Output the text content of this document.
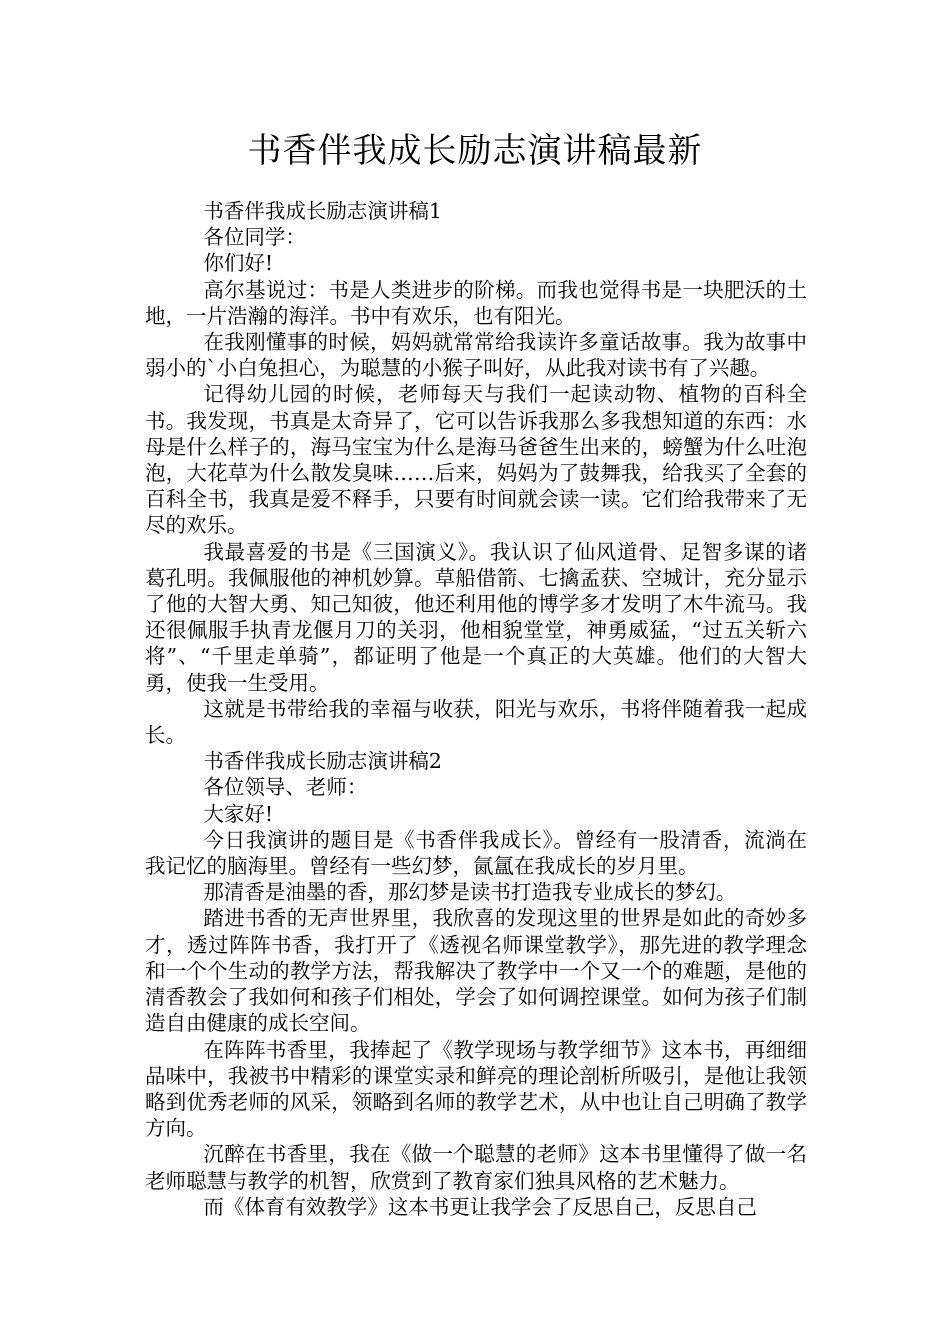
书香伴我成长励志演讲稿最新

书香伴我成长励志演讲稿1

各位同学：

你们好!

高尔基说过：书是人类进步的阶梯。而我也觉得书是一块肥沃的土地，一片浩瀚的海洋。书中有欢乐，也有阳光。

在我刚懂事的时候，妈妈就常常给我读许多童话故事。我为故事中弱小的`小白兔担心，为聪慧的小猴子叫好，从此我对读书有了兴趣。

记得幼儿园的时候，老师每天与我们一起读动物、植物的百科全书。我发现，书真是太奇异了，它可以告诉我那么多我想知道的东西：水母是什么样子的，海马宝宝为什么是海马爸爸生出来的，螃蟹为什么吐泡泡，大花草为什么散发臭味……后来，妈妈为了鼓舞我，给我买了全套的百科全书，我真是爱不释手，只要有时间就会读一读。它们给我带来了无尽的欢乐。

我最喜爱的书是《三国演义》。我认识了仙风道骨、足智多谋的诸葛孔明。我佩服他的神机妙算。草船借箭、七擒孟获、空城计，充分显示了他的大智大勇、知己知彼，他还利用他的博学多才发明了木牛流马。我还很佩服手执青龙偃月刀的关羽，他相貌堂堂，神勇威猛，“过五关斩六将”、“千里走单骑”，都证明了他是一个真正的大英雄。他们的大智大勇，使我一生受用。

这就是书带给我的幸福与收获，阳光与欢乐，书将伴随着我一起成长。

书香伴我成长励志演讲稿2

各位领导、老师：

大家好!

今日我演讲的题目是《书香伴我成长》。曾经有一股清香，流淌在我记忆的脑海里。曾经有一些幻梦，氤氲在我成长的岁月里。

那清香是油墨的香，那幻梦是读书打造我专业成长的梦幻。

踏进书香的无声世界里，我欣喜的发现这里的世界是如此的奇妙多才，透过阵阵书香，我打开了《透视名师课堂教学》，那先进的教学理念和一个个生动的教学方法，帮我解决了教学中一个又一个的难题，是他的清香教会了我如何和孩子们相处，学会了如何调控课堂。如何为孩子们制造自由健康的成长空间。

在阵阵书香里，我捧起了《教学现场与教学细节》这本书，再细细品味中，我被书中精彩的课堂实录和鲜亮的理论剖析所吸引，是他让我领略到优秀老师的风采，领略到名师的教学艺术，从中也让自己明确了教学方向。

沉醉在书香里，我在《做一个聪慧的老师》这本书里懂得了做一名老师聪慧与教学的机智，欣赏到了教育家们独具风格的艺术魅力。

而《体育有效教学》这本书更让我学会了反思自己，反思自己
